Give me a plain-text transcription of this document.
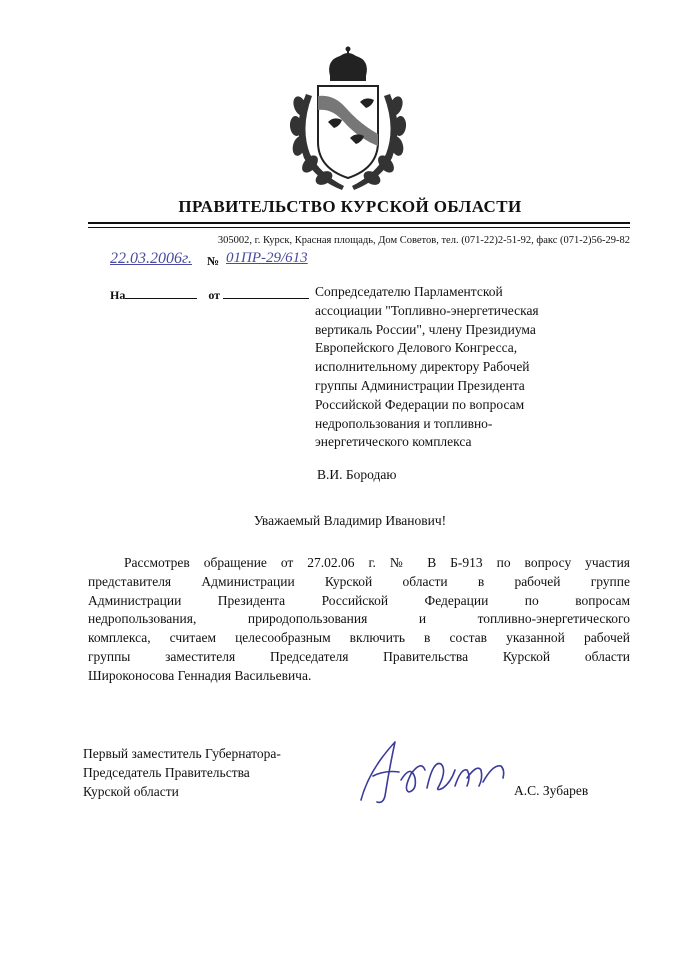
ПРАВИТЕЛЬСТВО КУРСКОЙ ОБЛАСТИ
305002, г. Курск, Красная площадь, Дом Советов, тел. (071-22)2-51-92, факс (071-2)56-29-82
22.03.2006г. № 01ПР-29/613
На	от	Сопредседателю Парламентской
ассоциации "Топливно-энергетическая
вертикаль России", члену Президиума
Европейского Делового Конгресса,
исполнительному директору Рабочей
группы Администрации Президента
Российской Федерации по вопросам
недропользования и топливно-
энергетического комплекса
В.И. Бородаю
Уважаемый Владимир Иванович!
Рассмотрев обращение от 27.02.06 г. № В Б-913 по вопросу участия
представителя Администрации Курской области в рабочей группе
Администрации Президента Российской Федерации по вопросам
недропользования, природопользования и топливно-энергетического
комплекса, считаем целесообразным включить в состав указанной рабочей
группы заместителя Председателя Правительства Курской области
Широконосова Геннадия Васильевича.
Первый заместитель Губернатора-
Председатель Правительства
Курской области	А.С. Зубарев
